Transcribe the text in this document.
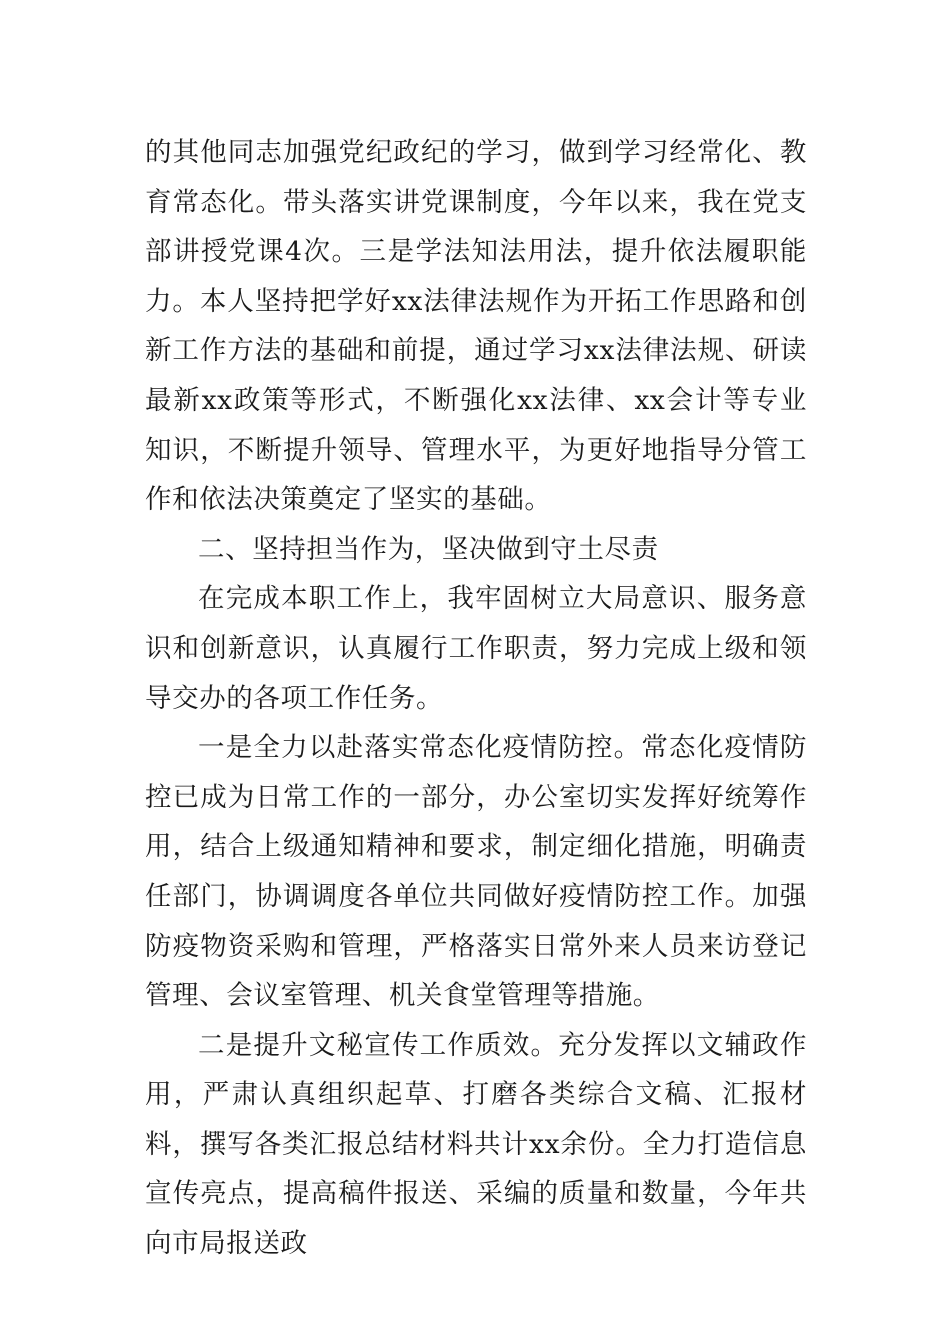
的其他同志加强党纪政纪的学习，做到学习经常化、教育常态化。带头落实讲党课制度，今年以来，我在党支部讲授党课4次。三是学法知法用法，提升依法履职能力。本人坚持把学好xx法律法规作为开拓工作思路和创新工作方法的基础和前提，通过学习xx法律法规、研读最新xx政策等形式，不断强化xx法律、xx会计等专业知识，不断提升领导、管理水平，为更好地指导分管工作和依法决策奠定了坚实的基础。

二、坚持担当作为，坚决做到守土尽责

在完成本职工作上，我牢固树立大局意识、服务意识和创新意识，认真履行工作职责，努力完成上级和领导交办的各项工作任务。

一是全力以赴落实常态化疫情防控。常态化疫情防控已成为日常工作的一部分，办公室切实发挥好统筹作用，结合上级通知精神和要求，制定细化措施，明确责任部门，协调调度各单位共同做好疫情防控工作。加强防疫物资采购和管理，严格落实日常外来人员来访登记管理、会议室管理、机关食堂管理等措施。

二是提升文秘宣传工作质效。充分发挥以文辅政作用，严肃认真组织起草、打磨各类综合文稿、汇报材料，撰写各类汇报总结材料共计xx余份。全力打造信息宣传亮点，提高稿件报送、采编的质量和数量，今年共向市局报送政
